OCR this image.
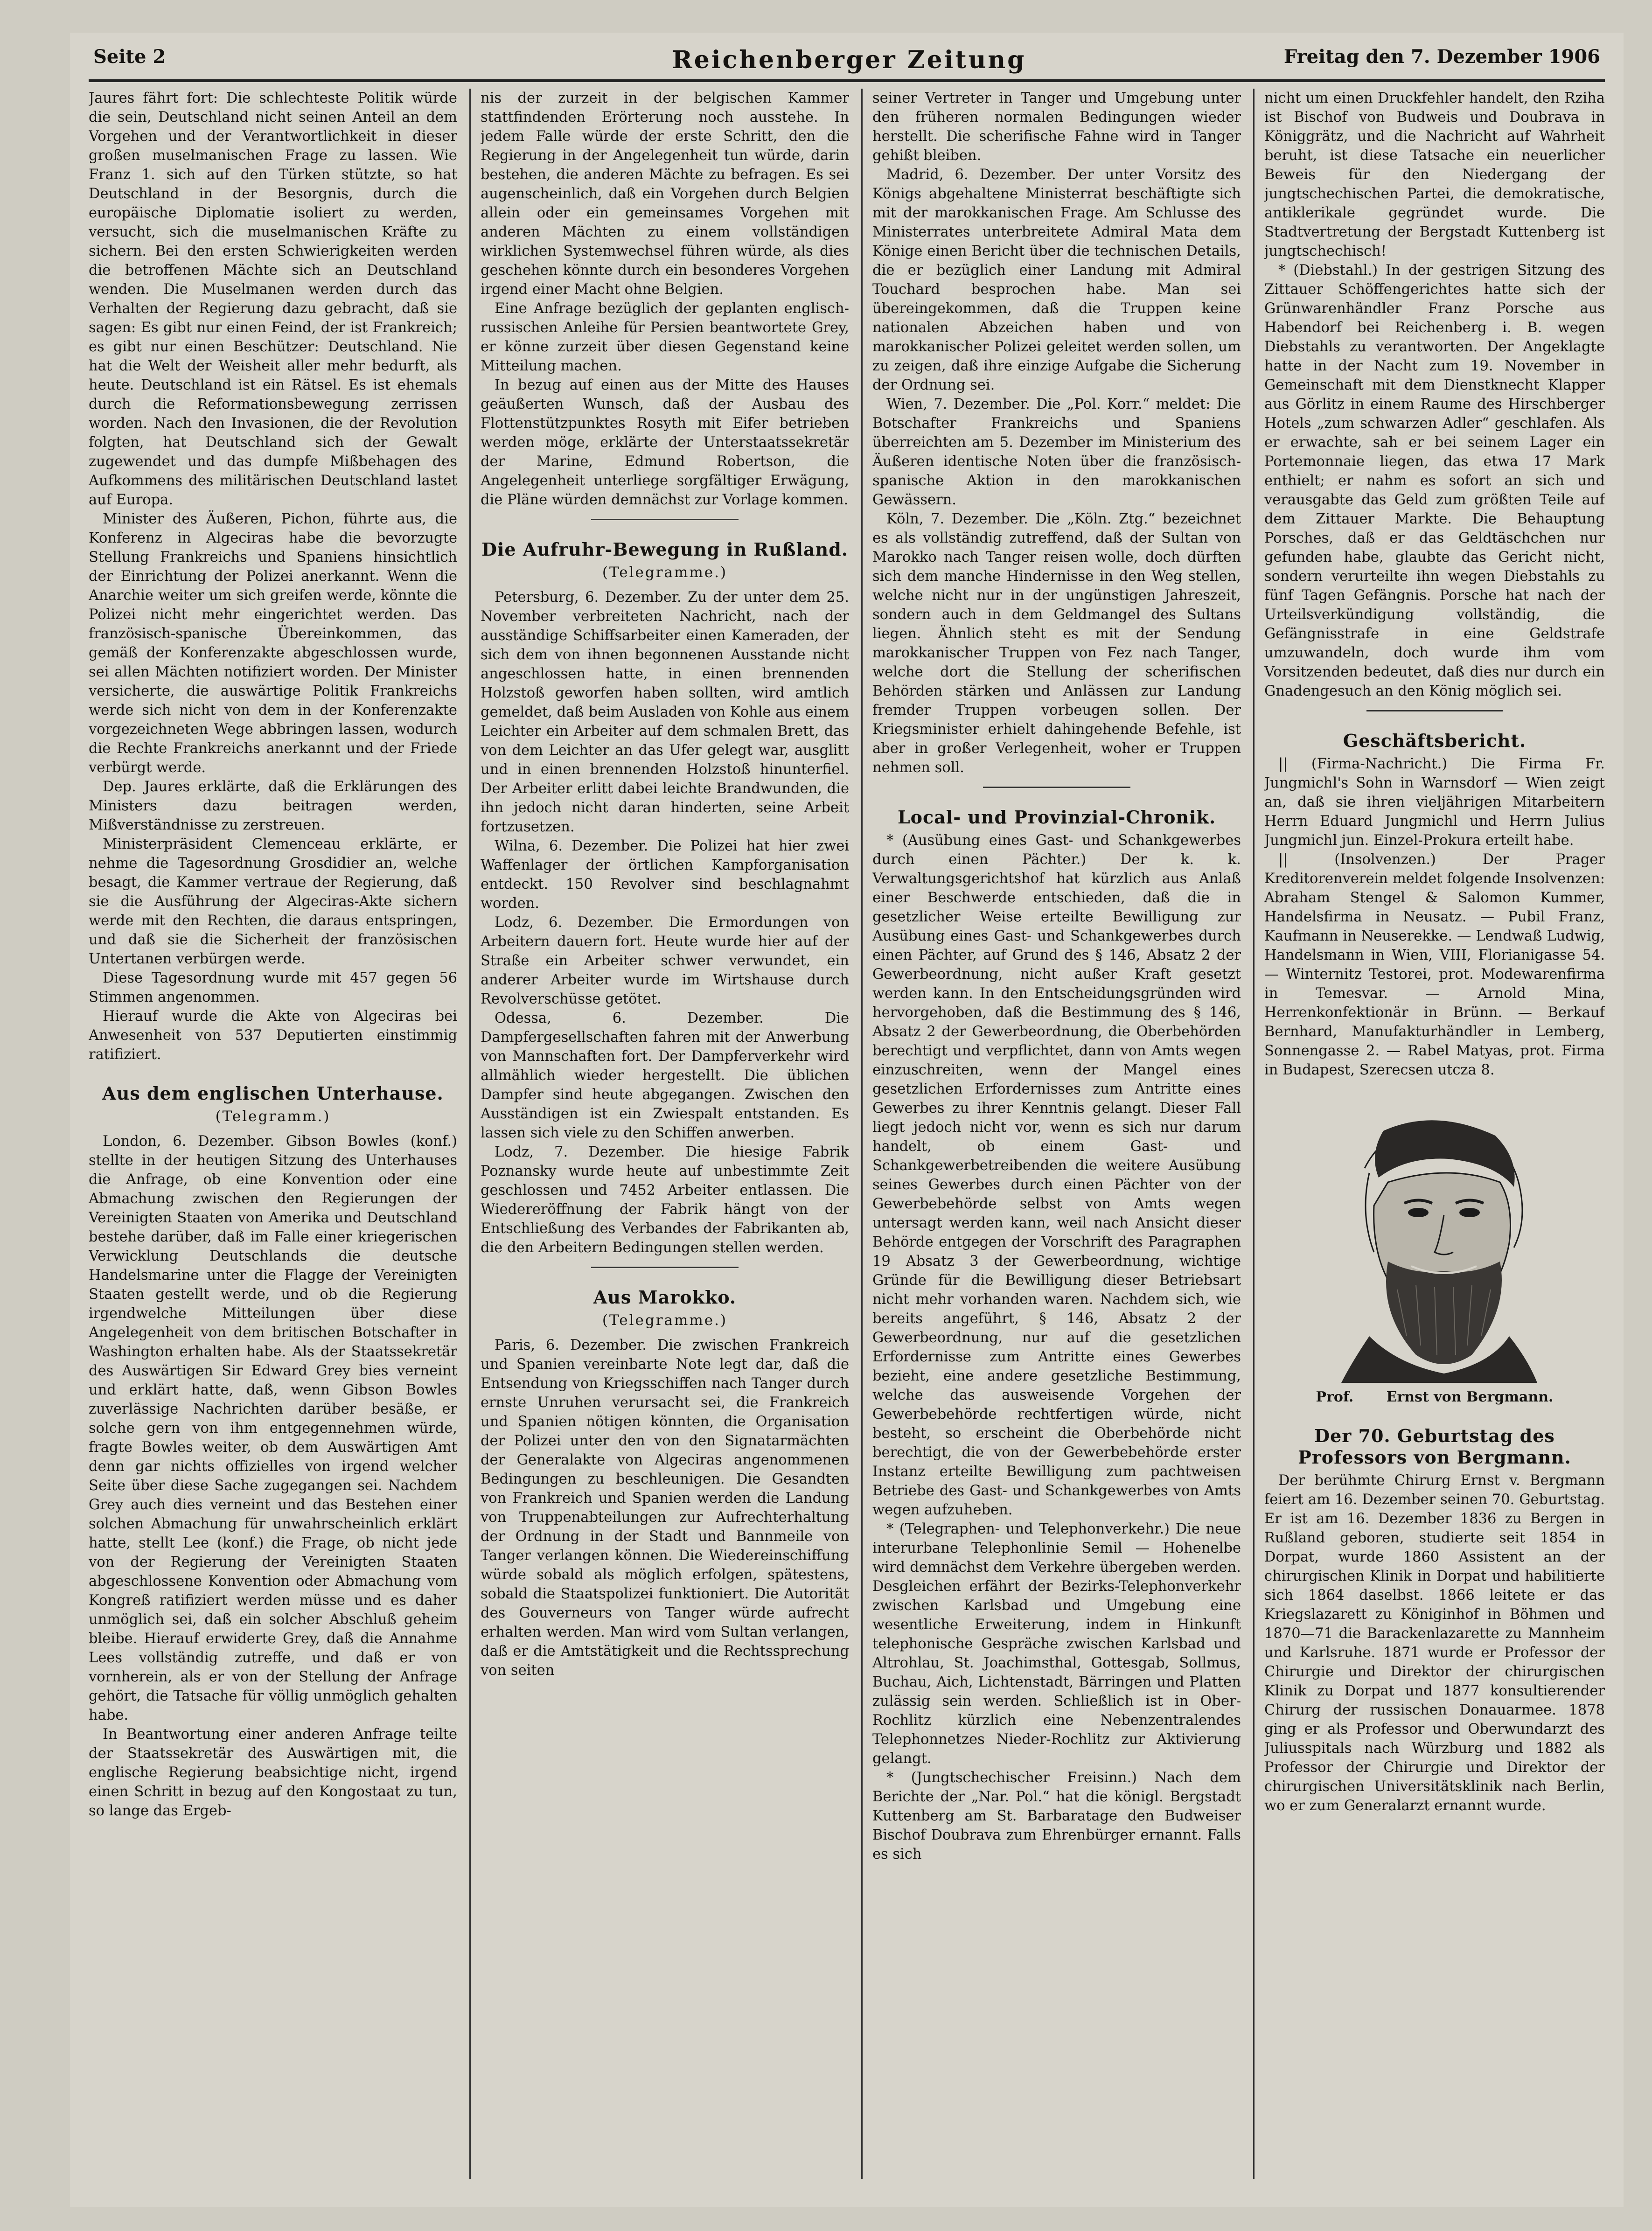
Seite 2	Reichenberger Zeitung	Freitag den 7. Dezember 1906

Jaures fährt fort: Die schlechteste Politik würde die sein, Deutschland nicht seinen Anteil an dem Vorgehen und der Verantwortlichkeit in dieser großen muselmanischen Frage zu lassen. Wie Franz 1. sich auf den Türken stützte, so hat Deutschland in der Besorgnis, durch die europäische Diplomatie isoliert zu werden, versucht, sich die muselmanischen Kräfte zu sichern. Bei den ersten Schwierigkeiten werden die betroffenen Mächte sich an Deutschland wenden. Die Muselmanen werden durch das Verhalten der Regierung dazu gebracht, daß sie sagen: Es gibt nur einen Feind, der ist Frankreich; es gibt nur einen Beschützer: Deutschland. Nie hat die Welt der Weisheit aller mehr bedurft, als heute. Deutschland ist ein Rätsel. Es ist ehemals durch die Reformationsbewegung zerrissen worden. Nach den Invasionen, die der Revolution folgten, hat Deutschland sich der Gewalt zugewendet und das dumpfe Mißbehagen des Aufkommens des militärischen Deutschland lastet auf Europa.

Minister des Äußeren, Pichon, führte aus, die Konferenz in Algeciras habe die bevorzugte Stellung Frankreichs und Spaniens hinsichtlich der Einrichtung der Polizei anerkannt. Wenn die Anarchie weiter um sich greifen werde, könnte die Polizei nicht mehr eingerichtet werden. Das französisch-spanische Übereinkommen, das gemäß der Konferenzakte abgeschlossen wurde, sei allen Mächten notifiziert worden. Der Minister versicherte, die auswärtige Politik Frankreichs werde sich nicht von dem in der Konferenzakte vorgezeichneten Wege abbringen lassen, wodurch die Rechte Frankreichs anerkannt und der Friede verbürgt werde.

Dep. Jaures erklärte, daß die Erklärungen des Ministers dazu beitragen werden, Mißverständnisse zu zerstreuen.

Ministerpräsident Clemenceau erklärte, er nehme die Tagesordnung Grosdidier an, welche besagt, die Kammer vertraue der Regierung, daß sie die Ausführung der Algeciras-Akte sichern werde mit den Rechten, die daraus entspringen, und daß sie die Sicherheit der französischen Untertanen verbürgen werde.

Diese Tagesordnung wurde mit 457 gegen 56 Stimmen angenommen.

Hierauf wurde die Akte von Algeciras bei Anwesenheit von 537 Deputierten einstimmig ratifiziert.

Aus dem englischen Unterhause.
(Telegramm.)

London, 6. Dezember. Gibson Bowles (konf.) stellte in der heutigen Sitzung des Unterhauses die Anfrage, ob eine Konvention oder eine Abmachung zwischen den Regierungen der Vereinigten Staaten von Amerika und Deutschland bestehe darüber, daß im Falle einer kriegerischen Verwicklung Deutschlands die deutsche Handelsmarine unter die Flagge der Vereinigten Staaten gestellt werde, und ob die Regierung irgendwelche Mitteilungen über diese Angelegenheit von dem britischen Botschafter in Washington erhalten habe. Als der Staatssekretär des Auswärtigen Sir Edward Grey bies verneint und erklärt hatte, daß, wenn Gibson Bowles zuverlässige Nachrichten darüber besäße, er solche gern von ihm entgegennehmen würde, fragte Bowles weiter, ob dem Auswärtigen Amt denn gar nichts offizielles von irgend welcher Seite über diese Sache zugegangen sei. Nachdem Grey auch dies verneint und das Bestehen einer solchen Abmachung für unwahrscheinlich erklärt hatte, stellt Lee (konf.) die Frage, ob nicht jede von der Regierung der Vereinigten Staaten abgeschlossene Konvention oder Abmachung vom Kongreß ratifiziert werden müsse und es daher unmöglich sei, daß ein solcher Abschluß geheim bleibe. Hierauf erwiderte Grey, daß die Annahme Lees vollständig zutreffe, und daß er von vornherein, als er von der Stellung der Anfrage gehört, die Tatsache für völlig unmöglich gehalten habe.

In Beantwortung einer anderen Anfrage teilte der Staatssekretär des Auswärtigen mit, die englische Regierung beabsichtige nicht, irgend einen Schritt in bezug auf den Kongostaat zu tun, so lange das Ergeb-

nis der zurzeit in der belgischen Kammer stattfindenden Erörterung noch ausstehe. In jedem Falle würde der erste Schritt, den die Regierung in der Angelegenheit tun würde, darin bestehen, die anderen Mächte zu befragen. Es sei augenscheinlich, daß ein Vorgehen durch Belgien allein oder ein gemeinsames Vorgehen mit anderen Mächten zu einem vollständigen wirklichen Systemwechsel führen würde, als dies geschehen könnte durch ein besonderes Vorgehen irgend einer Macht ohne Belgien.

Eine Anfrage bezüglich der geplanten englisch-russischen Anleihe für Persien beantwortete Grey, er könne zurzeit über diesen Gegenstand keine Mitteilung machen.

In bezug auf einen aus der Mitte des Hauses geäußerten Wunsch, daß der Ausbau des Flottenstützpunktes Rosyth mit Eifer betrieben werden möge, erklärte der Unterstaatssekretär der Marine, Edmund Robertson, die Angelegenheit unterliege sorgfältiger Erwägung, die Pläne würden demnächst zur Vorlage kommen.

Die Aufruhr-Bewegung in Rußland.
(Telegramme.)

Petersburg, 6. Dezember. Zu der unter dem 25. November verbreiteten Nachricht, nach der ausständige Schiffsarbeiter einen Kameraden, der sich dem von ihnen begonnenen Ausstande nicht angeschlossen hatte, in einen brennenden Holzstoß geworfen haben sollten, wird amtlich gemeldet, daß beim Ausladen von Kohle aus einem Leichter ein Arbeiter auf dem schmalen Brett, das von dem Leichter an das Ufer gelegt war, ausglitt und in einen brennenden Holzstoß hinunterfiel. Der Arbeiter erlitt dabei leichte Brandwunden, die ihn jedoch nicht daran hinderten, seine Arbeit fortzusetzen.

Wilna, 6. Dezember. Die Polizei hat hier zwei Waffenlager der örtlichen Kampforganisation entdeckt. 150 Revolver sind beschlagnahmt worden.

Lodz, 6. Dezember. Die Ermordungen von Arbeitern dauern fort. Heute wurde hier auf der Straße ein Arbeiter schwer verwundet, ein anderer Arbeiter wurde im Wirtshause durch Revolverschüsse getötet.

Odessa, 6. Dezember. Die Dampfergesellschaften fahren mit der Anwerbung von Mannschaften fort. Der Dampferverkehr wird allmählich wieder hergestellt. Die üblichen Dampfer sind heute abgegangen. Zwischen den Ausständigen ist ein Zwiespalt entstanden. Es lassen sich viele zu den Schiffen anwerben.

Lodz, 7. Dezember. Die hiesige Fabrik Poznansky wurde heute auf unbestimmte Zeit geschlossen und 7452 Arbeiter entlassen. Die Wiedereröffnung der Fabrik hängt von der Entschließung des Verbandes der Fabrikanten ab, die den Arbeitern Bedingungen stellen werden.

Aus Marokko.
(Telegramme.)

Paris, 6. Dezember. Die zwischen Frankreich und Spanien vereinbarte Note legt dar, daß die Entsendung von Kriegsschiffen nach Tanger durch ernste Unruhen verursacht sei, die Frankreich und Spanien nötigen könnten, die Organisation der Polizei unter den von den Signatarmächten der Generalakte von Algeciras angenommenen Bedingungen zu beschleunigen. Die Gesandten von Frankreich und Spanien werden die Landung von Truppenabteilungen zur Aufrechterhaltung der Ordnung in der Stadt und Bannmeile von Tanger verlangen können. Die Wiedereinschiffung würde sobald als möglich erfolgen, spätestens, sobald die Staatspolizei funktioniert. Die Autorität des Gouverneurs von Tanger würde aufrecht erhalten werden. Man wird vom Sultan verlangen, daß er die Amtstätigkeit und die Rechtssprechung von seiten

seiner Vertreter in Tanger und Umgebung unter den früheren normalen Bedingungen wieder herstellt. Die scherifische Fahne wird in Tanger gehißt bleiben.

Madrid, 6. Dezember. Der unter Vorsitz des Königs abgehaltene Ministerrat beschäftigte sich mit der marokkanischen Frage. Am Schlusse des Ministerrates unterbreitete Admiral Mata dem Könige einen Bericht über die technischen Details, die er bezüglich einer Landung mit Admiral Touchard besprochen habe. Man sei übereingekommen, daß die Truppen keine nationalen Abzeichen haben und von marokkanischer Polizei geleitet werden sollen, um zu zeigen, daß ihre einzige Aufgabe die Sicherung der Ordnung sei.

Wien, 7. Dezember. Die „Pol. Korr.“ meldet: Die Botschafter Frankreichs und Spaniens überreichten am 5. Dezember im Ministerium des Äußeren identische Noten über die französisch-spanische Aktion in den marokkanischen Gewässern.

Köln, 7. Dezember. Die „Köln. Ztg.“ bezeichnet es als vollständig zutreffend, daß der Sultan von Marokko nach Tanger reisen wolle, doch dürften sich dem manche Hindernisse in den Weg stellen, welche nicht nur in der ungünstigen Jahreszeit, sondern auch in dem Geldmangel des Sultans liegen. Ähnlich steht es mit der Sendung marokkanischer Truppen von Fez nach Tanger, welche dort die Stellung der scherifischen Behörden stärken und Anlässen zur Landung fremder Truppen vorbeugen sollen. Der Kriegsminister erhielt dahingehende Befehle, ist aber in großer Verlegenheit, woher er Truppen nehmen soll.

Local- und Provinzial-Chronik.

* (Ausübung eines Gast- und Schankgewerbes durch einen Pächter.) Der k. k. Verwaltungsgerichtshof hat kürzlich aus Anlaß einer Beschwerde entschieden, daß die in gesetzlicher Weise erteilte Bewilligung zur Ausübung eines Gast- und Schankgewerbes durch einen Pächter, auf Grund des § 146, Absatz 2 der Gewerbeordnung, nicht außer Kraft gesetzt werden kann. In den Entscheidungsgründen wird hervorgehoben, daß die Bestimmung des § 146, Absatz 2 der Gewerbeordnung, die Oberbehörden berechtigt und verpflichtet, dann von Amts wegen einzuschreiten, wenn der Mangel eines gesetzlichen Erfordernisses zum Antritte eines Gewerbes zu ihrer Kenntnis gelangt. Dieser Fall liegt jedoch nicht vor, wenn es sich nur darum handelt, ob einem Gast- und Schankgewerbetreibenden die weitere Ausübung seines Gewerbes durch einen Pächter von der Gewerbebehörde selbst von Amts wegen untersagt werden kann, weil nach Ansicht dieser Behörde entgegen der Vorschrift des Paragraphen 19 Absatz 3 der Gewerbeordnung, wichtige Gründe für die Bewilligung dieser Betriebsart nicht mehr vorhanden waren. Nachdem sich, wie bereits angeführt, § 146, Absatz 2 der Gewerbeordnung, nur auf die gesetzlichen Erfordernisse zum Antritte eines Gewerbes bezieht, eine andere gesetzliche Bestimmung, welche das ausweisende Vorgehen der Gewerbebehörde rechtfertigen würde, nicht besteht, so erscheint die Oberbehörde nicht berechtigt, die von der Gewerbebehörde erster Instanz erteilte Bewilligung zum pachtweisen Betriebe des Gast- und Schankgewerbes von Amts wegen aufzuheben.

* (Telegraphen- und Telephonverkehr.) Die neue interurbane Telephonlinie Semil — Hohenelbe wird demnächst dem Verkehre übergeben werden. Desgleichen erfährt der Bezirks-Telephonverkehr zwischen Karlsbad und Umgebung eine wesentliche Erweiterung, indem in Hinkunft telephonische Gespräche zwischen Karlsbad und Altrohlau, St. Joachimsthal, Gottesgab, Sollmus, Buchau, Aich, Lichtenstadt, Bärringen und Platten zulässig sein werden. Schließlich ist in Ober-Rochlitz kürzlich eine Nebenzentralendes Telephonnetzes Nieder-Rochlitz zur Aktivierung gelangt.

* (Jungtschechischer Freisinn.) Nach dem Berichte der „Nar. Pol.“ hat die königl. Bergstadt Kuttenberg am St. Barbaratage den Budweiser Bischof Doubrava zum Ehrenbürger ernannt. Falls es sich

nicht um einen Druckfehler handelt, den Rziha ist Bischof von Budweis und Doubrava in Königgrätz, und die Nachricht auf Wahrheit beruht, ist diese Tatsache ein neuerlicher Beweis für den Niedergang der jungtschechischen Partei, die demokratische, antiklerikale gegründet wurde. Die Stadtvertretung der Bergstadt Kuttenberg ist jungtschechisch!

* (Diebstahl.) In der gestrigen Sitzung des Zittauer Schöffengerichtes hatte sich der Grünwarenhändler Franz Porsche aus Habendorf bei Reichenberg i. B. wegen Diebstahls zu verantworten. Der Angeklagte hatte in der Nacht zum 19. November in Gemeinschaft mit dem Dienstknecht Klapper aus Görlitz in einem Raume des Hirschberger Hotels „zum schwarzen Adler“ geschlafen. Als er erwachte, sah er bei seinem Lager ein Portemonnaie liegen, das etwa 17 Mark enthielt; er nahm es sofort an sich und verausgabte das Geld zum größten Teile auf dem Zittauer Markte. Die Behauptung Porsches, daß er das Geldtäschchen nur gefunden habe, glaubte das Gericht nicht, sondern verurteilte ihn wegen Diebstahls zu fünf Tagen Gefängnis. Porsche hat nach der Urteilsverkündigung vollständig, die Gefängnisstrafe in eine Geldstrafe umzuwandeln, doch wurde ihm vom Vorsitzenden bedeutet, daß dies nur durch ein Gnadengesuch an den König möglich sei.

Geschäftsbericht.

|| (Firma-Nachricht.) Die Firma Fr. Jungmichl's Sohn in Warnsdorf — Wien zeigt an, daß sie ihren vieljährigen Mitarbeitern Herrn Eduard Jungmichl und Herrn Julius Jungmichl jun. Einzel-Prokura erteilt habe.

|| (Insolvenzen.) Der Prager Kreditorenverein meldet folgende Insolvenzen: Abraham Stengel & Salomon Kummer, Handelsfirma in Neusatz. — Pubil Franz, Kaufmann in Neuserekke. — Lendwaß Ludwig, Handelsmann in Wien, VIII, Florianigasse 54. — Winternitz Testorei, prot. Modewarenfirma in Temesvar. — Arnold Mina, Herrenkonfektionär in Brünn. — Berkauf Bernhard, Manufakturhändler in Lemberg, Sonnengasse 2. — Rabel Matyas, prot. Firma in Budapest, Szerecsen utcza 8.

Prof. Ernst von Bergmann.
Der 70. Geburtstag des Professors von Bergmann.

Der berühmte Chirurg Ernst v. Bergmann feiert am 16. Dezember seinen 70. Geburtstag. Er ist am 16. Dezember 1836 zu Bergen in Rußland geboren, studierte seit 1854 in Dorpat, wurde 1860 Assistent an der chirurgischen Klinik in Dorpat und habilitierte sich 1864 daselbst. 1866 leitete er das Kriegslazarett zu Königinhof in Böhmen und 1870—71 die Barackenlazarette zu Mannheim und Karlsruhe. 1871 wurde er Professor der Chirurgie und Direktor der chirurgischen Klinik zu Dorpat und 1877 konsultierender Chirurg der russischen Donauarmee. 1878 ging er als Professor und Oberwundarzt des Juliusspitals nach Würzburg und 1882 als Professor der Chirurgie und Direktor der chirurgischen Universitätsklinik nach Berlin, wo er zum Generalarzt ernannt wurde.
